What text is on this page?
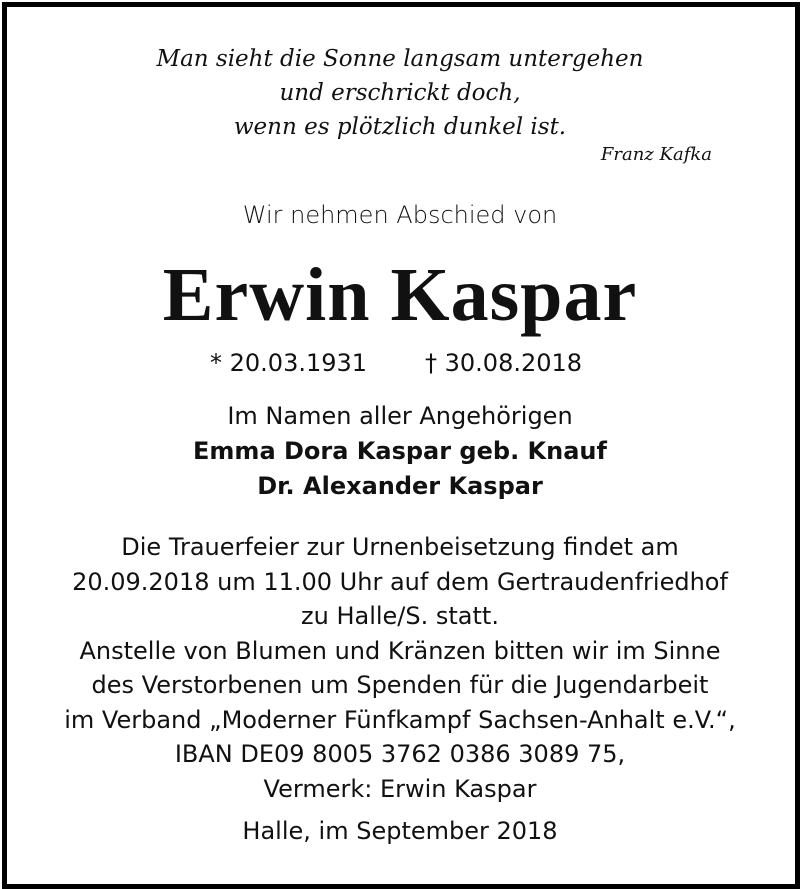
Man sieht die Sonne langsam untergehen
und erschrickt doch,
wenn es plötzlich dunkel ist.
Franz Kafka

Wir nehmen Abschied von

Erwin Kaspar
* 20.03.1931 † 30.08.2018
Im Namen aller Angehörigen
Emma Dora Kaspar geb. Knauf
Dr. Alexander Kaspar
Die Trauerfeier zur Urnenbeisetzung findet am
20.09.2018 um 11.00 Uhr auf dem Gertraudenfriedhof
zu Halle/S. statt.
Anstelle von Blumen und Kränzen bitten wir im Sinne
des Verstorbenen um Spenden für die Jugendarbeit
im Verband „Moderner Fünfkampf Sachsen-Anhalt e.V.“,
IBAN DE09 8005 3762 0386 3089 75,
Vermerk: Erwin Kaspar

Halle, im September 2018
